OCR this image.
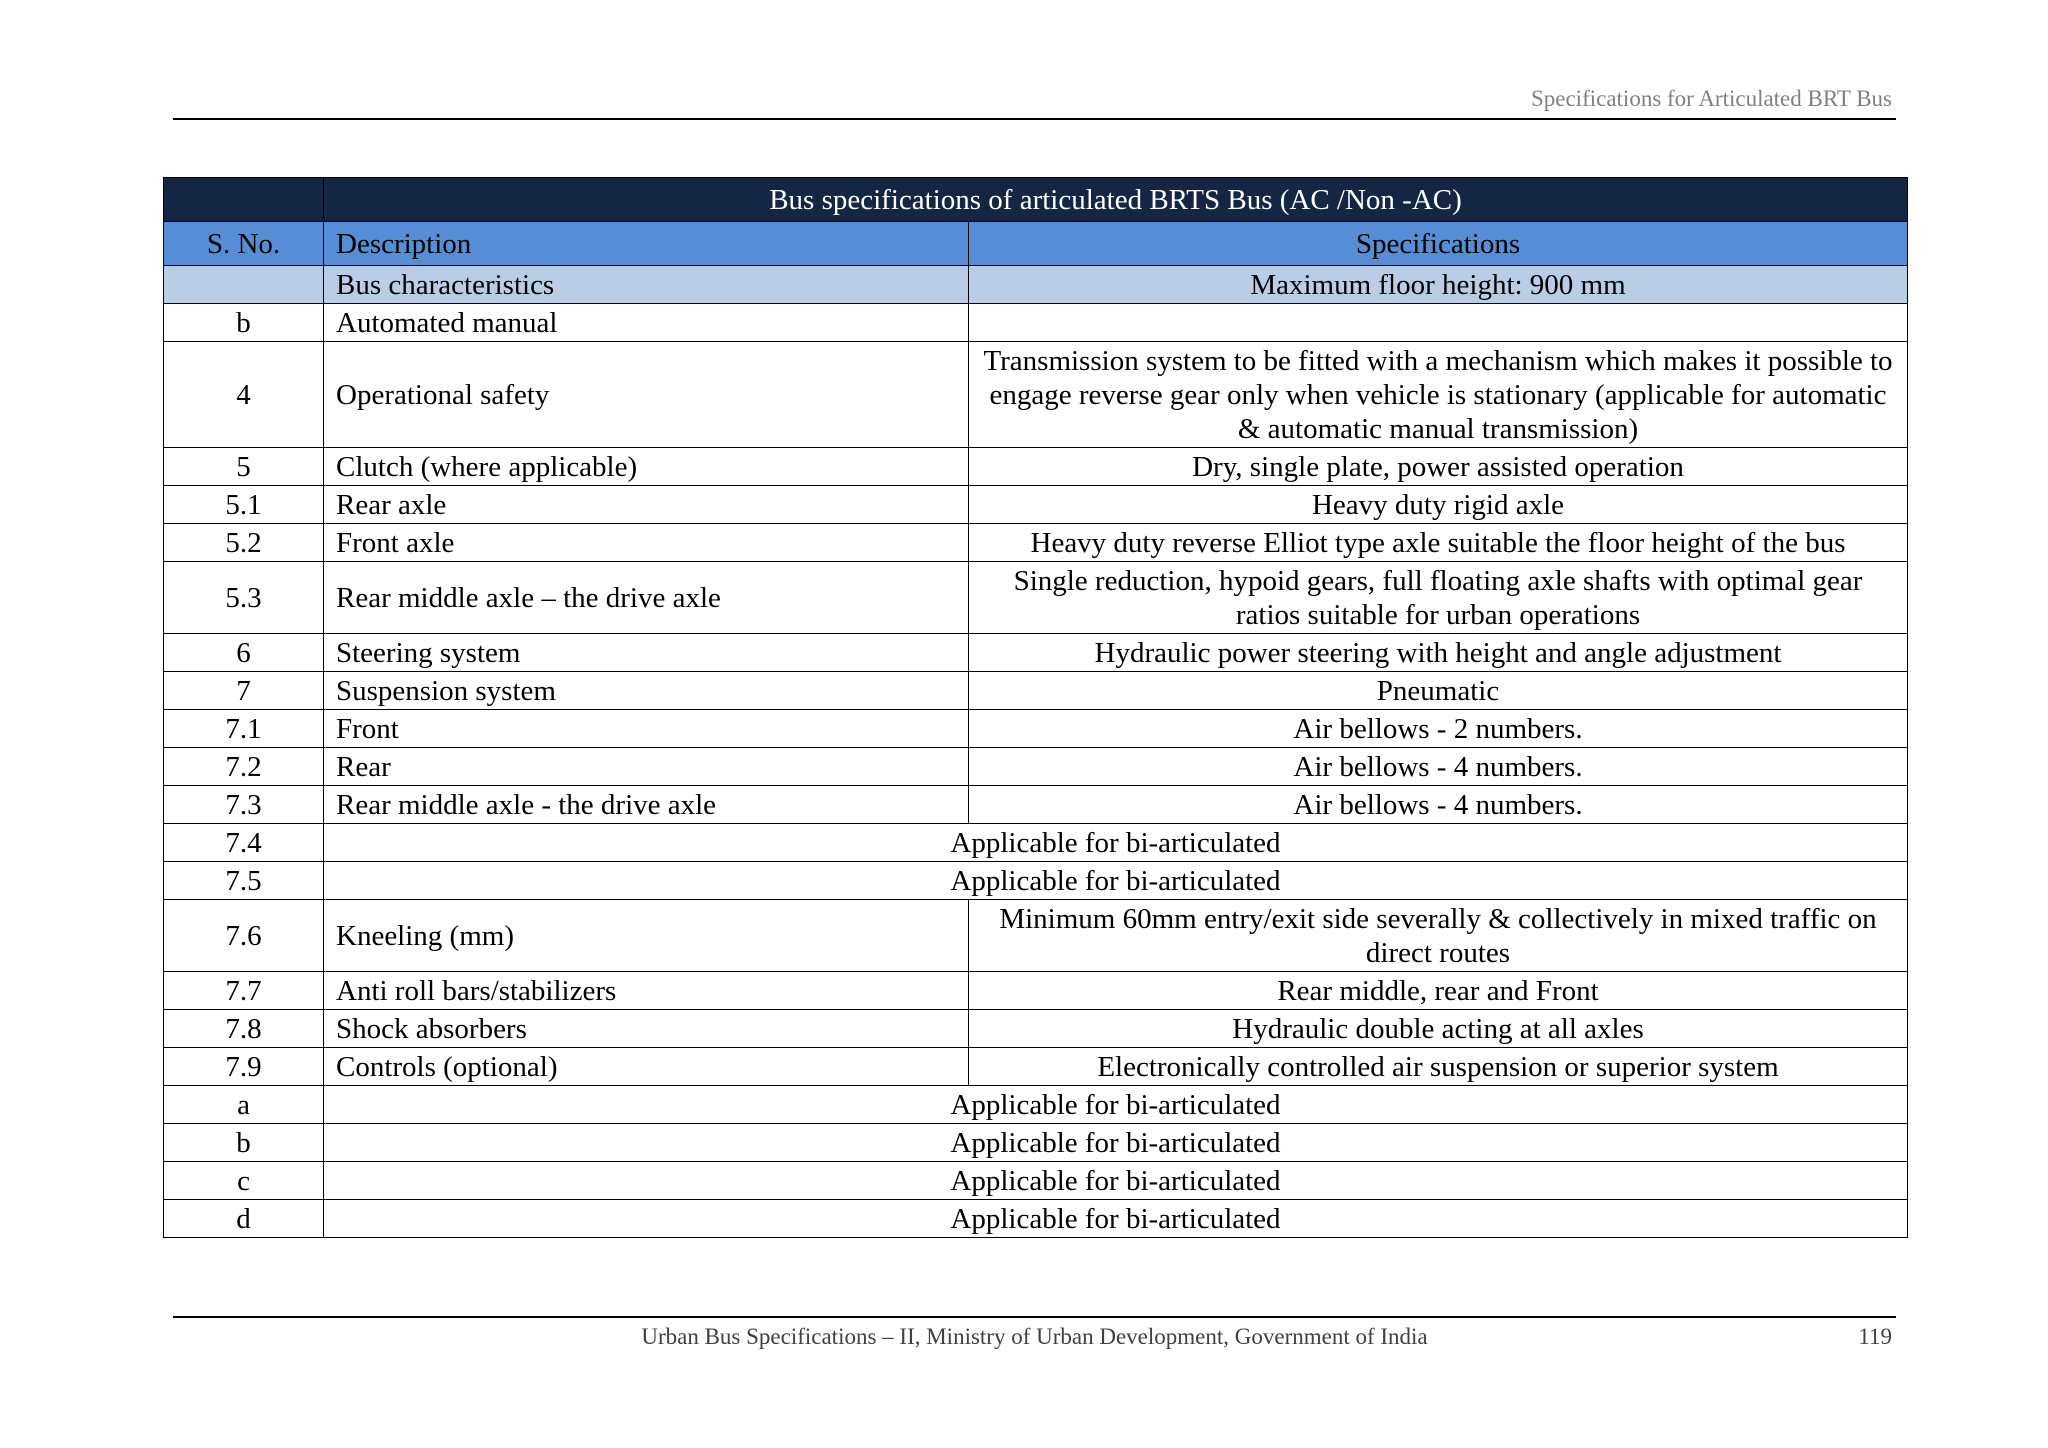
Specifications for Articulated BRT Bus
	Bus specifications of articulated BRTS Bus (AC /Non -AC)	
S. No.	Description	Specifications
	Bus characteristics	Maximum floor height: 900 mm
b	Automated manual	
4	Operational safety	Transmission system to be fitted with a mechanism which makes it possible to engage reverse gear only when vehicle is stationary (applicable for automatic & automatic manual transmission)
5	Clutch (where applicable)	Dry, single plate, power assisted operation
5.1	Rear axle	Heavy duty rigid axle
5.2	Front axle	Heavy duty reverse Elliot type axle suitable the floor height of the bus
5.3	Rear middle axle – the drive axle	Single reduction, hypoid gears, full floating axle shafts with optimal gear ratios suitable for urban operations
6	Steering system	Hydraulic power steering with height and angle adjustment
7	Suspension system	Pneumatic
7.1	Front	Air bellows - 2 numbers.
7.2	Rear	Air bellows - 4 numbers.
7.3	Rear middle axle - the drive axle	Air bellows - 4 numbers.
7.4	Applicable for bi-articulated	
7.5	Applicable for bi-articulated	
7.6	Kneeling (mm)	Minimum 60mm entry/exit side severally & collectively in mixed traffic on direct routes
7.7	Anti roll bars/stabilizers	Rear middle, rear and Front
7.8	Shock absorbers	Hydraulic double acting at all axles
7.9	Controls (optional)	Electronically controlled air suspension or superior system
a	Applicable for bi-articulated	
b	Applicable for bi-articulated	
c	Applicable for bi-articulated	
d	Applicable for bi-articulated	
Urban Bus Specifications – II, Ministry of Urban Development, Government of India	119
